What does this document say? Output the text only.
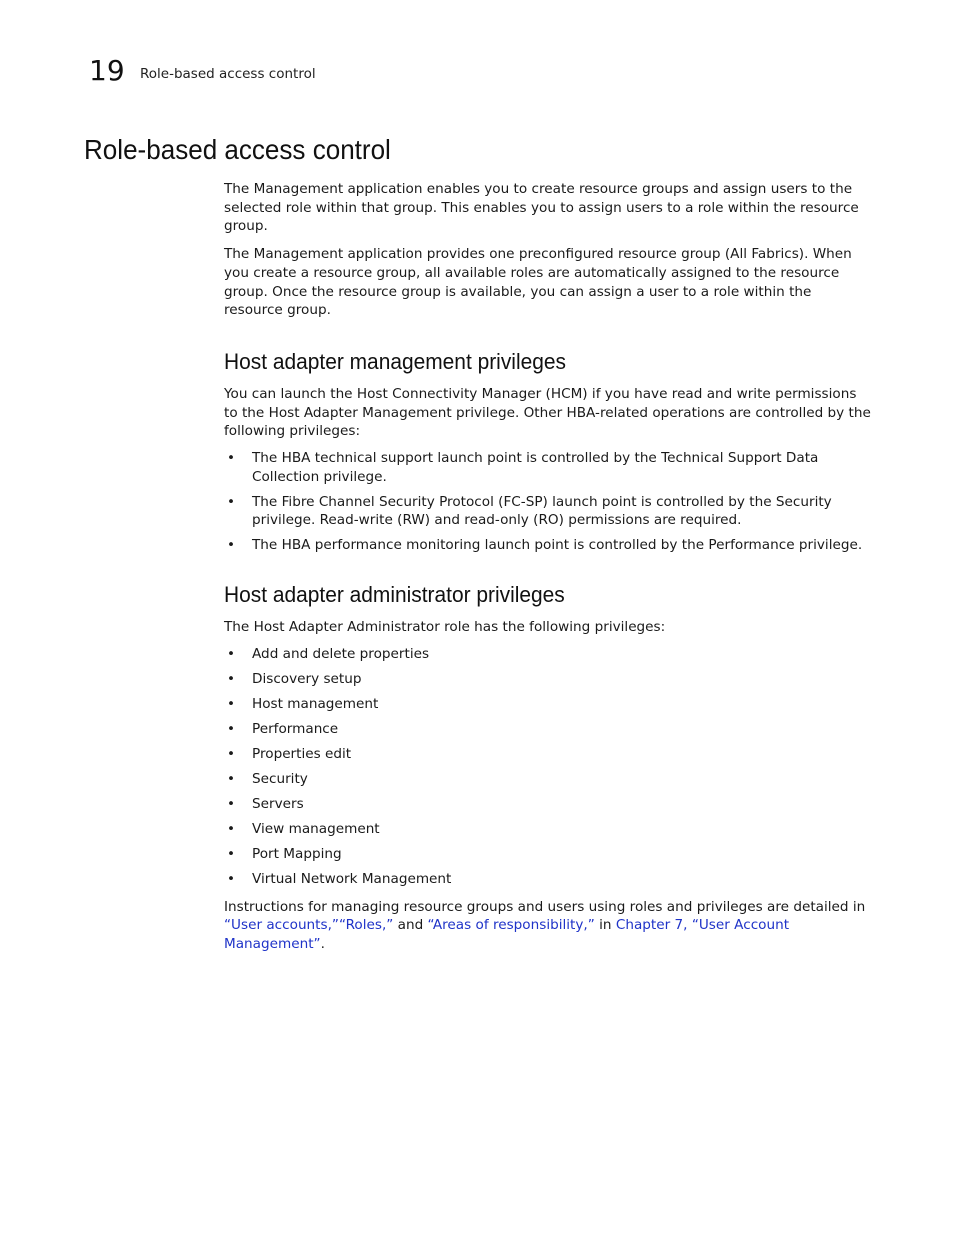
19 Role-based access control
Role-based access control

The Management application enables you to create resource groups and assign users to the selected role within that group. This enables you to assign users to a role within the resource group.

The Management application provides one preconfigured resource group (All Fabrics). When you create a resource group, all available roles are automatically assigned to the resource group. Once the resource group is available, you can assign a user to a role within the resource group.

Host adapter management privileges

You can launch the Host Connectivity Manager (HCM) if you have read and write permissions to the Host Adapter Management privilege. Other HBA-related operations are controlled by the following privileges:

• The HBA technical support launch point is controlled by the Technical Support Data Collection privilege.
• The Fibre Channel Security Protocol (FC-SP) launch point is controlled by the Security privilege. Read-write (RW) and read-only (RO) permissions are required.
• The HBA performance monitoring launch point is controlled by the Performance privilege.
Host adapter administrator privileges

The Host Adapter Administrator role has the following privileges:

• Add and delete properties
• Discovery setup
• Host management
• Performance
• Properties edit
• Security
• Servers
• View management
• Port Mapping
• Virtual Network Management

Instructions for managing resource groups and users using roles and privileges are detailed in “User accounts,”“Roles,” and “Areas of responsibility,” in Chapter 7, “User Account Management”.
